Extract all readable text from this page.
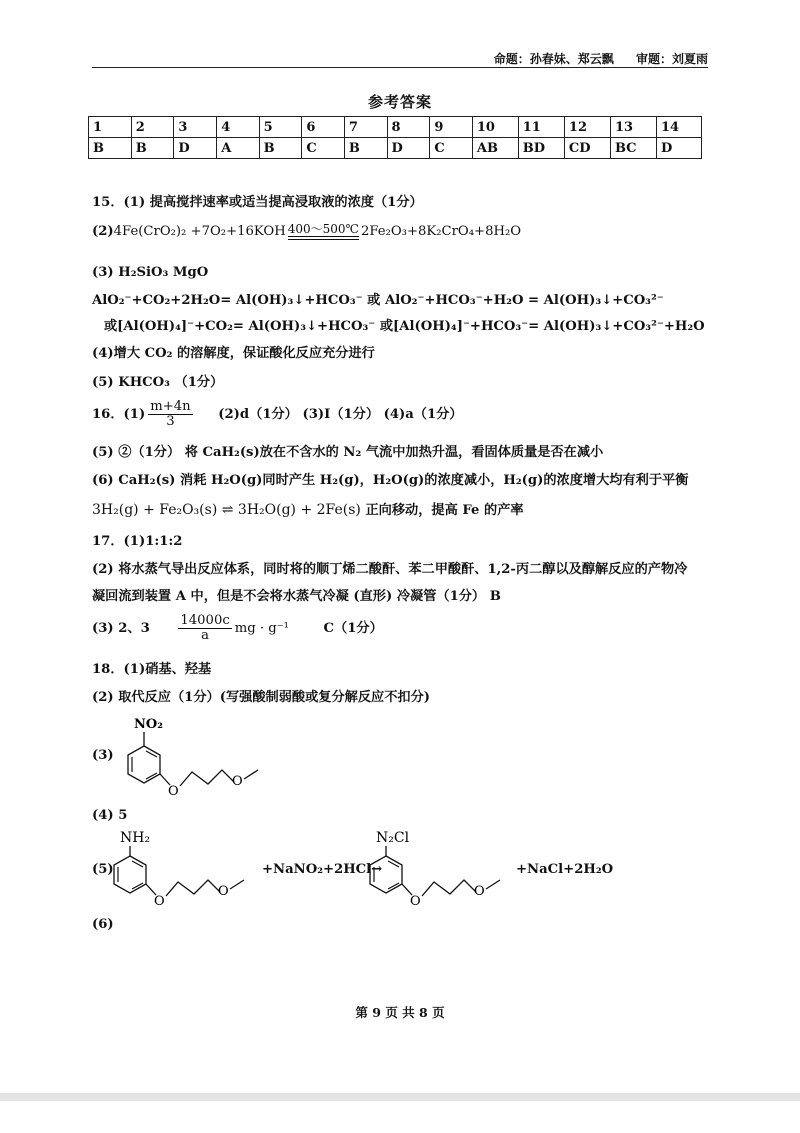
命题：孙春妹、郑云飘 审题：刘夏雨
参考答案
1	2	3	4	5	6	7	8	9	10	11	12	13	14
B	B	D	A	B	C	B	D	C	AB	BD	CD	BC	D
15．(1) 提高搅拌速率或适当提高浸取液的浓度（1分）
(2)4Fe(CrO₂)₂ +7O₂+16KOH 400～500℃ 2Fe₂O₃+8K₂CrO₄+8H₂O
(3) H₂SiO₃ MgO
AlO₂⁻+CO₂+2H₂O= Al(OH)₃↓+HCO₃⁻ 或 AlO₂⁻+HCO₃⁻+H₂O = Al(OH)₃↓+CO₃²⁻
或[Al(OH)₄]⁻+CO₂= Al(OH)₃↓+HCO₃⁻ 或[Al(OH)₄]⁻+HCO₃⁻= Al(OH)₃↓+CO₃²⁻+H₂O
(4)增大 CO₂ 的溶解度，保证酸化反应充分进行
(5) KHCO₃ （1分）
16．$(1) \frac{m+4n}{3} (2)d(1$分） (3)I（1分） (4)a（1分）
(5) ②（1分） 将 CaH₂(s)放在不含水的 N₂ 气流中加热升温，看固体质量是否在减小
(6) CaH₂(s) 消耗 H₂O(g)同时产生 H₂(g)，H₂O(g)的浓度减小，H₂(g)的浓度增大均有利于平衡
3H₂(g) + Fe₂O₃(s) ⇌ 3H₂O(g) + 2Fe(s) 正向移动，提高 Fe 的产率
17．(1)1:1:2
(2) 将水蒸气导出反应体系，同时将的顺丁烯二酸酐、苯二甲酸酐、1,2-丙二醇以及醇解反应的产物冷
凝回流到装置 A 中，但是不会将水蒸气冷凝 (直形) 冷凝管（1分） B
(3) 2、$3 \frac{14000c}{a}$ mg · g⁻¹	C（1分）
18．(1)硝基、羟基
(2) 取代反应（1分）(写强酸制弱酸或复分解反应不扣分)
(3)
NO₂
O
O
(4) 5
(5)
NH₂
O
O
+NaNO₂+2HCl→
N₂Cl
O
O
+NaCl+2H₂O
(6)
第 9 页 共 8 页
